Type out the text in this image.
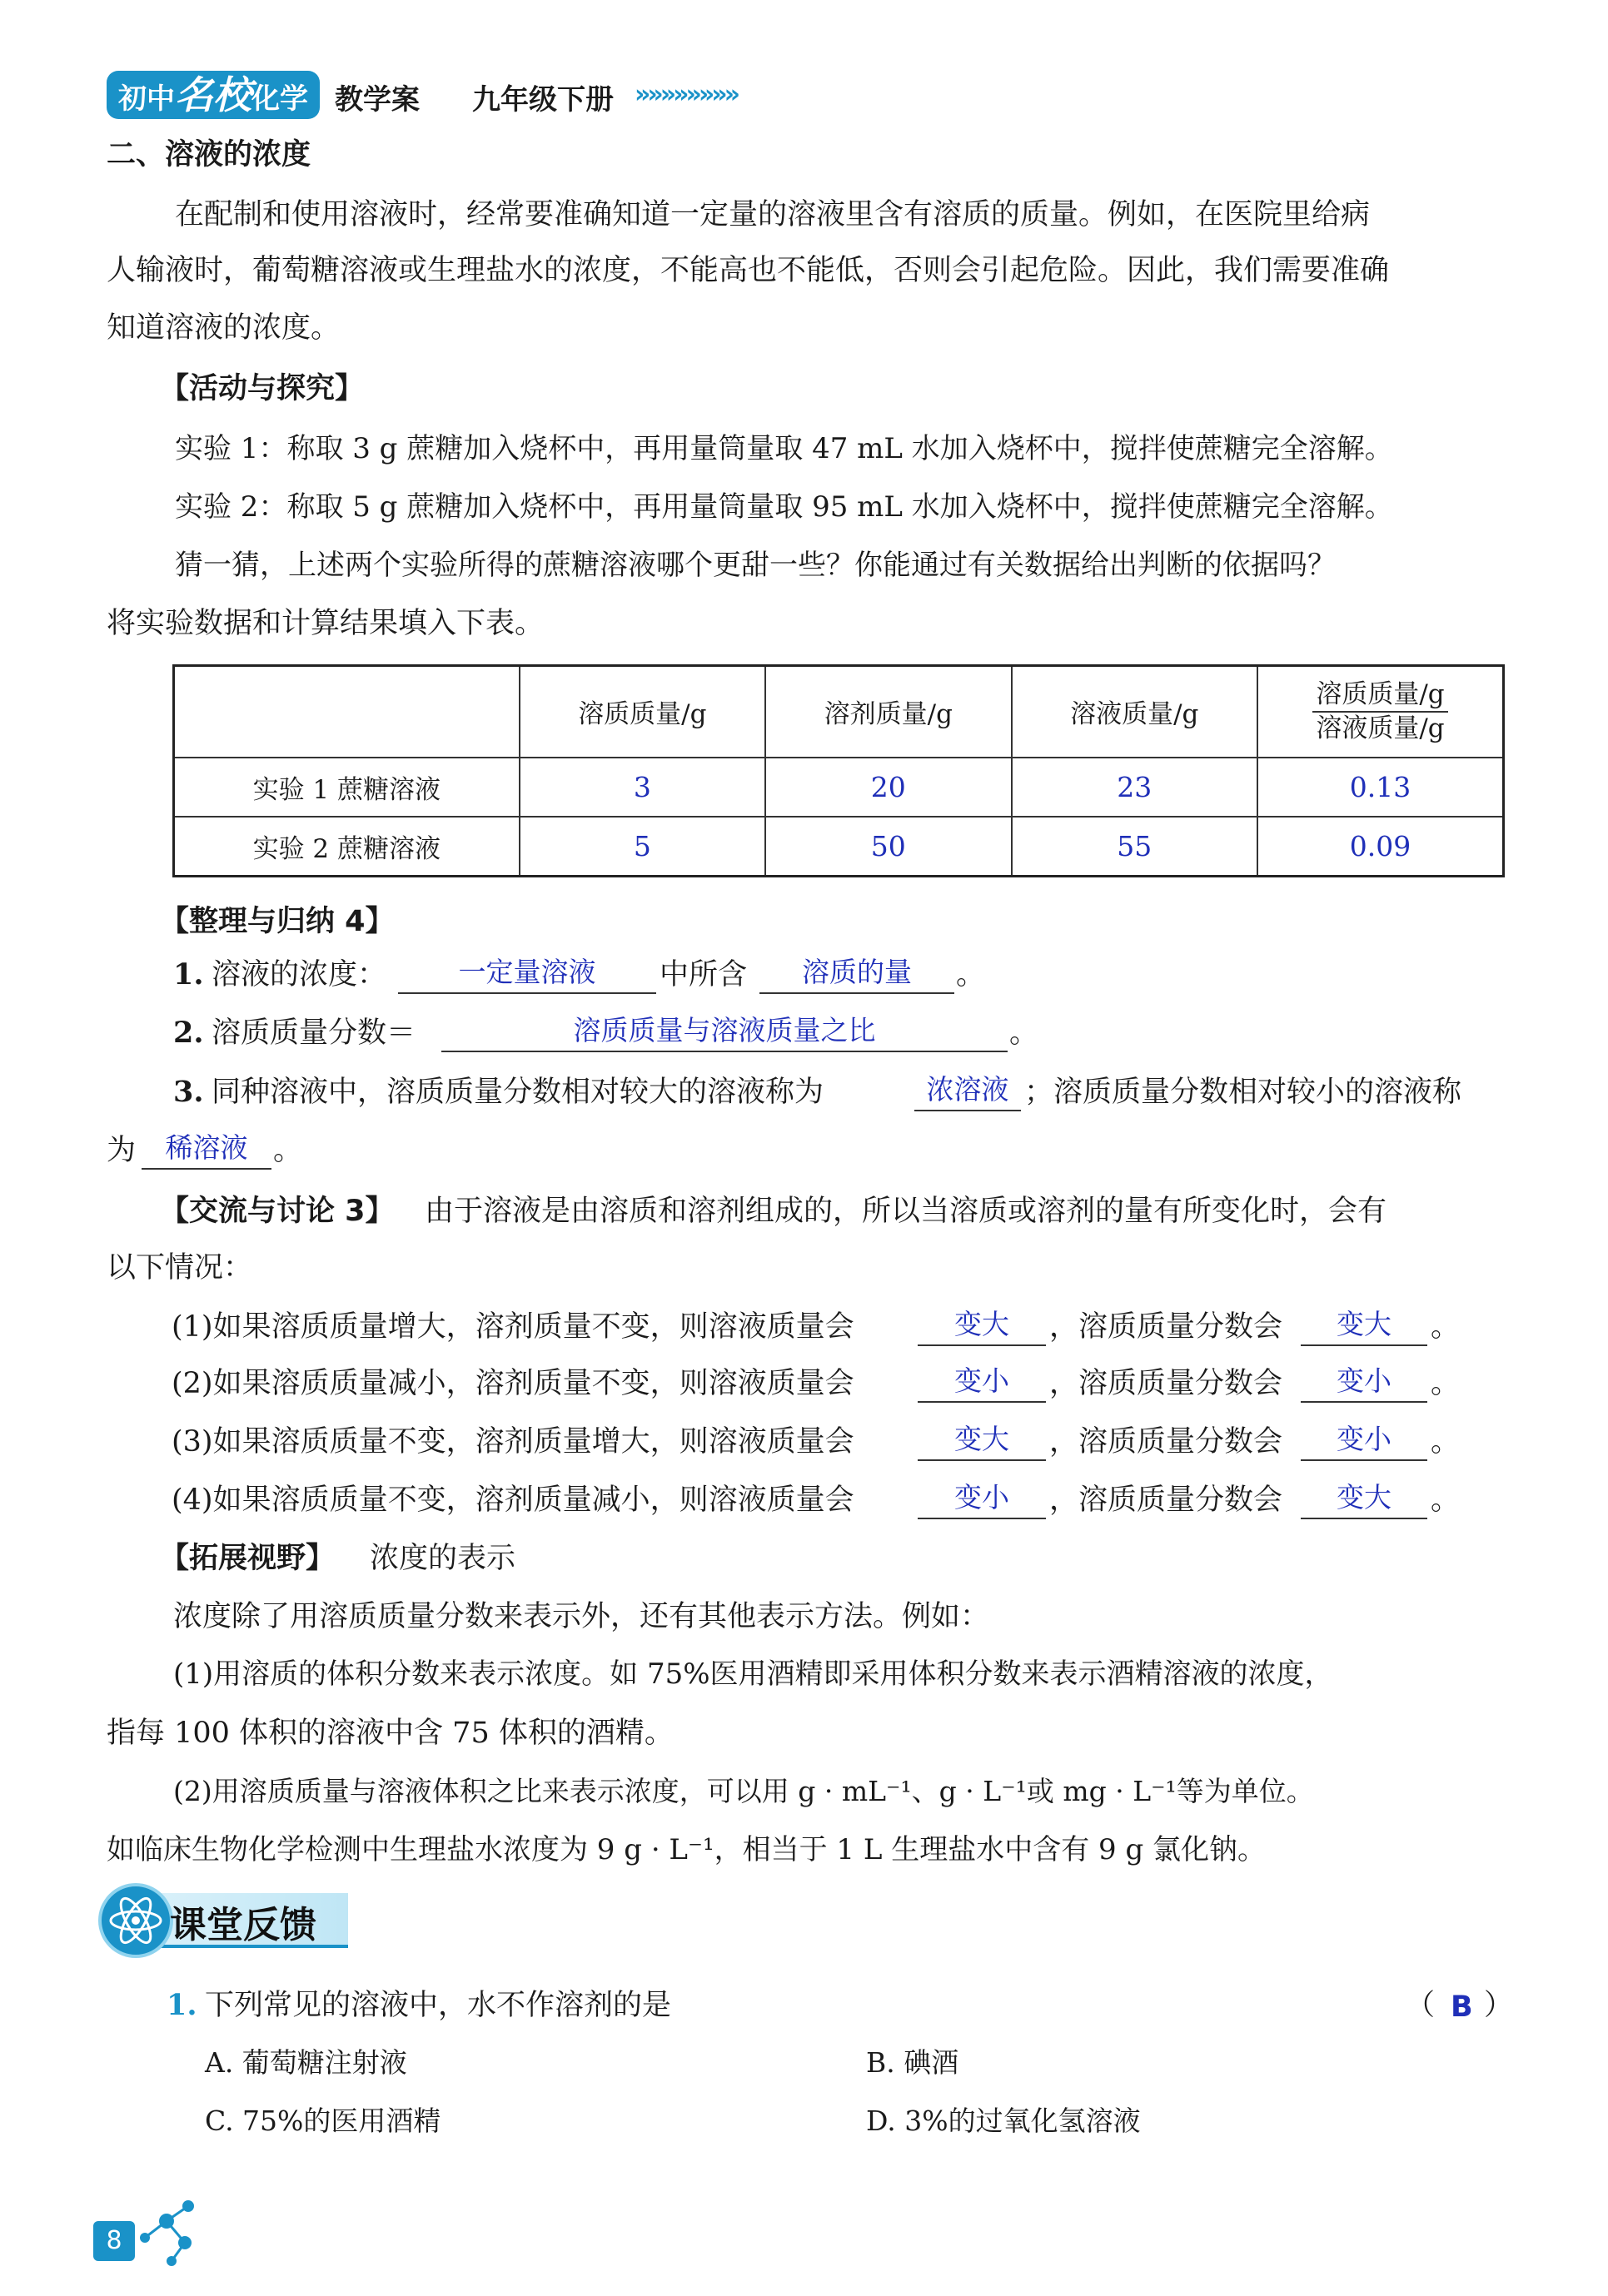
初中名校化学 教学案 九年级下册 »»»»»»»»
二、溶液的浓度
在配制和使用溶液时，经常要准确知道一定量的溶液里含有溶质的质量。例如，在医院里给病
人输液时，葡萄糖溶液或生理盐水的浓度，不能高也不能低，否则会引起危险。因此，我们需要准确
知道溶液的浓度。
【活动与探究】
实验 1：称取 3 g 蔗糖加入烧杯中，再用量筒量取 47 mL 水加入烧杯中，搅拌使蔗糖完全溶解。
实验 2：称取 5 g 蔗糖加入烧杯中，再用量筒量取 95 mL 水加入烧杯中，搅拌使蔗糖完全溶解。
猜一猜，上述两个实验所得的蔗糖溶液哪个更甜一些？你能通过有关数据给出判断的依据吗？
将实验数据和计算结果填入下表。
	溶质质量/g	溶剂质量/g	溶液质量/g	$\frac{\text{溶质质量/g}}{\text{溶液质量/g}}$
实验 1 蔗糖溶液	3	20	23	0.13
实验 2 蔗糖溶液	5	50	55	0.09
【整理与归纳 4】
1. 溶液的浓度：	一定量溶液	中所含	溶质的量	。
2. 溶质质量分数＝	溶质质量与溶液质量之比	。
3. 同种溶液中，溶质质量分数相对较大的溶液称为	浓溶液 ；溶质质量分数相对较小的溶液称
为	稀溶液 。
【交流与讨论 3】 由于溶液是由溶质和溶剂组成的，所以当溶质或溶剂的量有所变化时，会有
以下情况：
(1)如果溶质质量增大，溶剂质量不变，则溶液质量会	变大	，溶质质量分数会	变大	。
(2)如果溶质质量减小，溶剂质量不变，则溶液质量会	变小	，溶质质量分数会	变小	。
(3)如果溶质质量不变，溶剂质量增大，则溶液质量会	变大	，溶质质量分数会	变小	。
(4)如果溶质质量不变，溶剂质量减小，则溶液质量会	变小	，溶质质量分数会	变大	。
【拓展视野】 浓度的表示
浓度除了用溶质质量分数来表示外，还有其他表示方法。例如：
(1)用溶质的体积分数来表示浓度。如 75%医用酒精即采用体积分数来表示酒精溶液的浓度，
指每 100 体积的溶液中含 75 体积的酒精。
(2)用溶质质量与溶液体积之比来表示浓度，可以用 g · mL⁻¹、g · L⁻¹或 mg · L⁻¹等为单位。
如临床生物化学检测中生理盐水浓度为 9 g · L⁻¹，相当于 1 L 生理盐水中含有 9 g 氯化钠。
课堂反馈
1. 下列常见的溶液中，水不作溶剂的是	（ B ）
A. 葡萄糖注射液	B. 碘酒
C. 75%的医用酒精	D. 3%的过氧化氢溶液
8
